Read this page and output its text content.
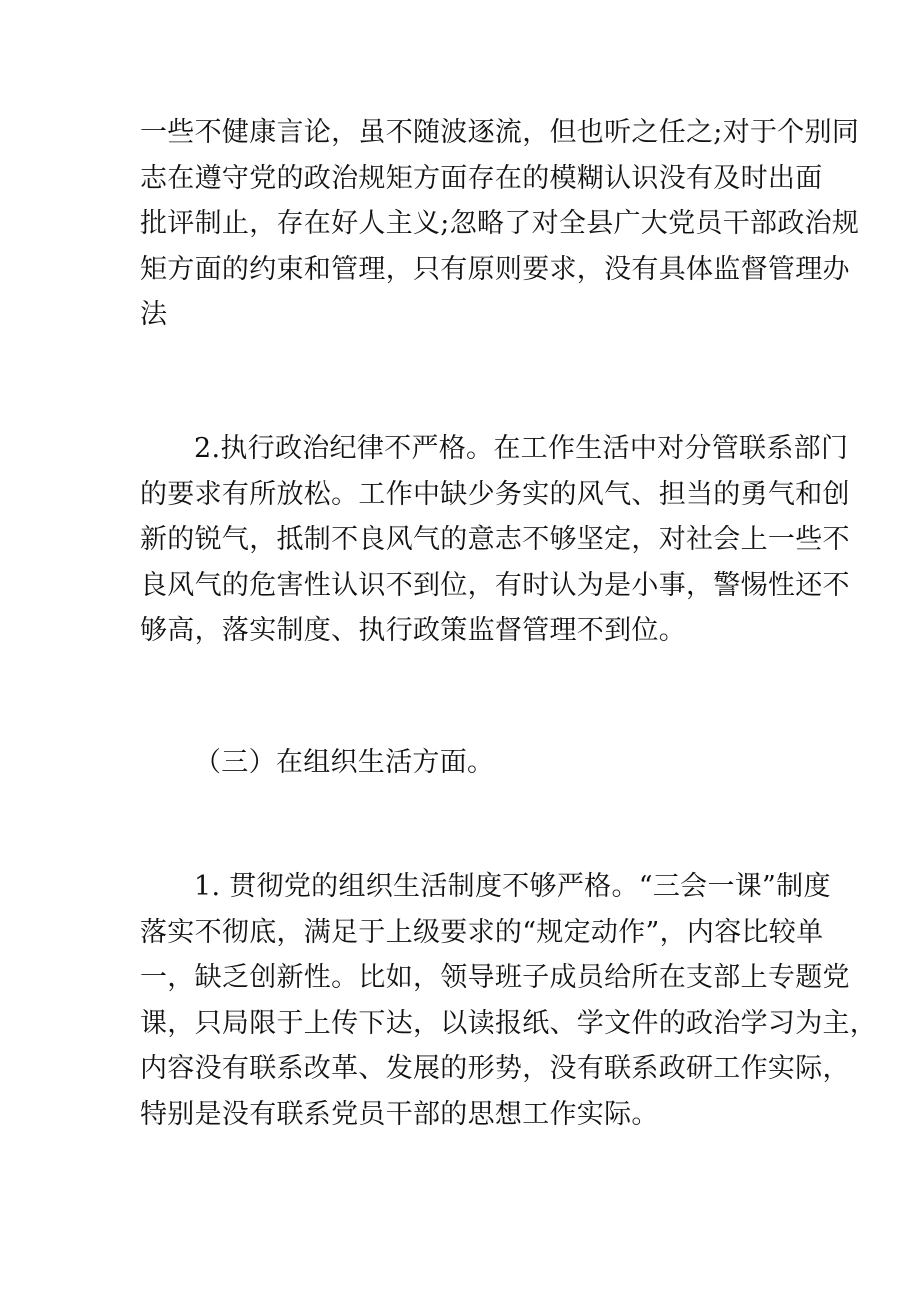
一些不健康言论，虽不随波逐流，但也听之任之;对于个别同
志在遵守党的政治规矩方面存在的模糊认识没有及时出面
批评制止，存在好人主义;忽略了对全县广大党员干部政治规
矩方面的约束和管理，只有原则要求，没有具体监督管理办
法
2.执行政治纪律不严格。在工作生活中对分管联系部门
的要求有所放松。工作中缺少务实的风气、担当的勇气和创
新的锐气，抵制不良风气的意志不够坚定，对社会上一些不
良风气的危害性认识不到位，有时认为是小事，警惕性还不
够高，落实制度、执行政策监督管理不到位。
（三）在组织生活方面。
1. 贯彻党的组织生活制度不够严格。“三会一课”制度
落实不彻底，满足于上级要求的“规定动作”，内容比较单
一，缺乏创新性。比如，领导班子成员给所在支部上专题党
课，只局限于上传下达，以读报纸、学文件的政治学习为主，
内容没有联系改革、发展的形势，没有联系政研工作实际，
特别是没有联系党员干部的思想工作实际。
